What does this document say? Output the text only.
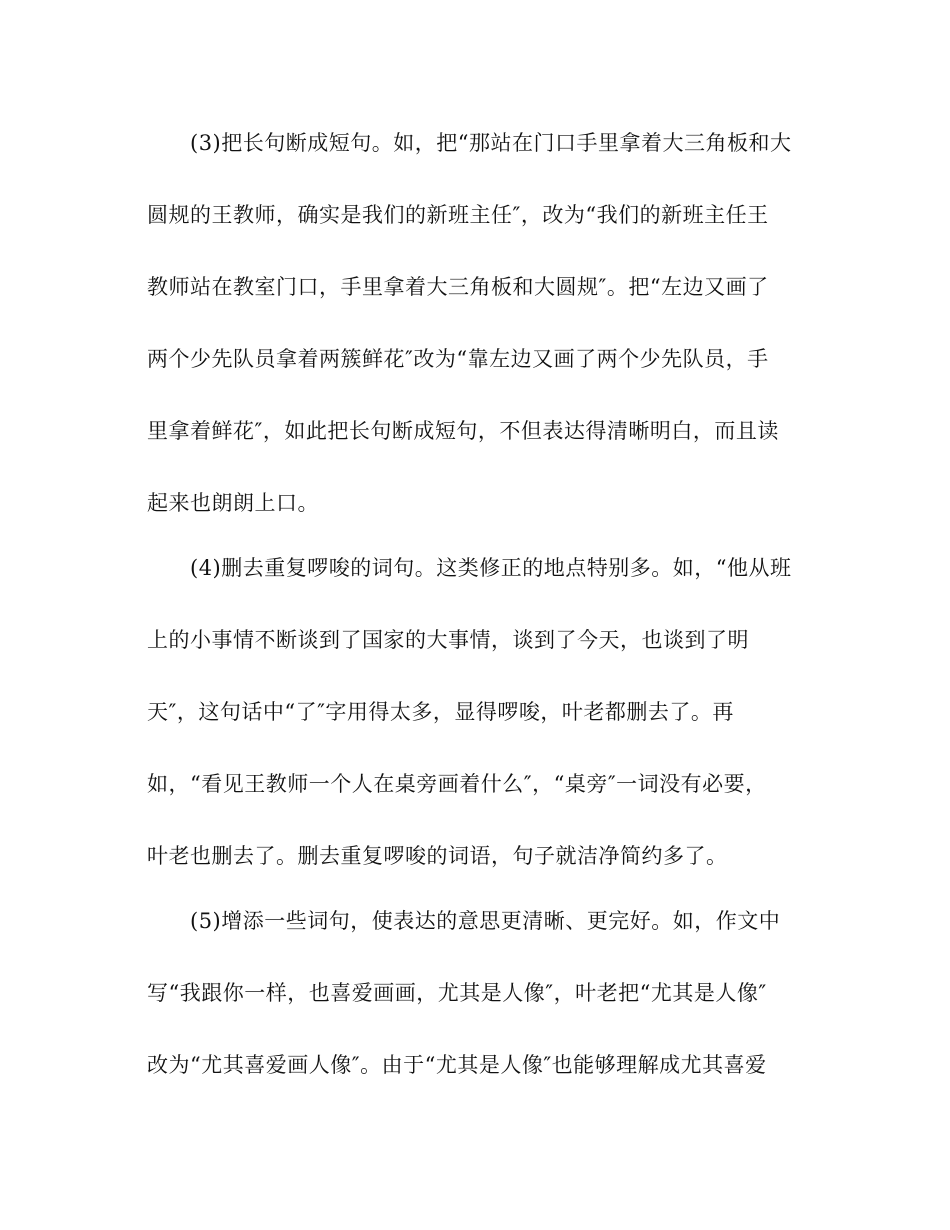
(3)把长句断成短句。如，把“那站在门口手里拿着大三角板和大
圆规的王教师，确实是我们的新班主任″，改为“我们的新班主任王
教师站在教室门口，手里拿着大三角板和大圆规″。把“左边又画了
两个少先队员拿着两簇鲜花″改为“靠左边又画了两个少先队员，手
里拿着鲜花″，如此把长句断成短句，不但表达得清晰明白，而且读
起来也朗朗上口。
(4)删去重复啰唆的词句。这类修正的地点特别多。如，“他从班
上的小事情不断谈到了国家的大事情，谈到了今天，也谈到了明
天″，这句话中“了″字用得太多，显得啰唆，叶老都删去了。再
如，“看见王教师一个人在桌旁画着什么″，“桌旁″一词没有必要，
叶老也删去了。删去重复啰唆的词语，句子就洁净简约多了。
(5)增添一些词句，使表达的意思更清晰、更完好。如，作文中
写“我跟你一样，也喜爱画画，尤其是人像″，叶老把“尤其是人像″
改为“尤其喜爱画人像″。由于“尤其是人像″也能够理解成尤其喜爱
